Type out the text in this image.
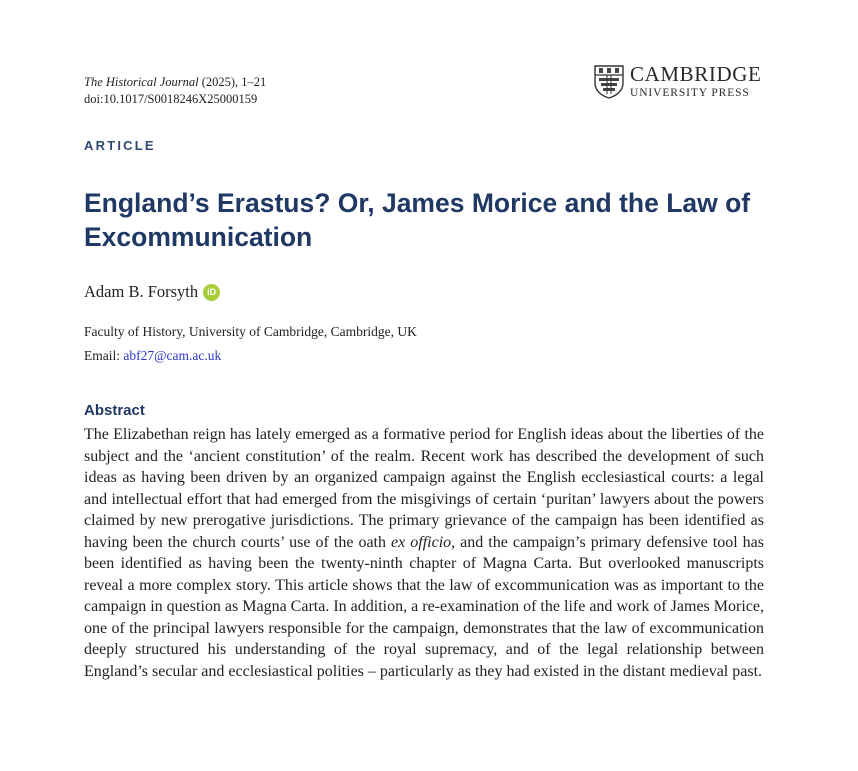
The Historical Journal (2025), 1–21
doi:10.1017/S0018246X25000159
CAMBRIDGE
UNIVERSITY PRESS
ARTICLE
England’s Erastus? Or, James Morice and the Law of Excommunication
Adam B. Forsyth	iD
Faculty of History, University of Cambridge, Cambridge, UK
Email: abf27@cam.ac.uk
Abstract
The Elizabethan reign has lately emerged as a formative period for English ideas about the liberties of the subject and the ‘ancient constitution’ of the realm. Recent work has described the development of such ideas as having been driven by an organized campaign against the English ecclesiastical courts: a legal and intellectual effort that had emerged from the misgivings of certain ‘puritan’ lawyers about the powers claimed by new prerogative jurisdictions. The primary grievance of the campaign has been identified as having been the church courts’ use of the oath ex officio, and the campaign’s primary defensive tool has been identified as having been the twenty-ninth chapter of Magna Carta. But overlooked manuscripts reveal a more complex story. This article shows that the law of excommunication was as important to the campaign in question as Magna Carta. In addition, a re-examination of the life and work of James Morice, one of the principal lawyers responsible for the campaign, demonstrates that the law of excommunication deeply structured his understanding of the royal supremacy, and of the legal relationship between England’s secular and ecclesiastical polities – particularly as they had existed in the distant medieval past.
